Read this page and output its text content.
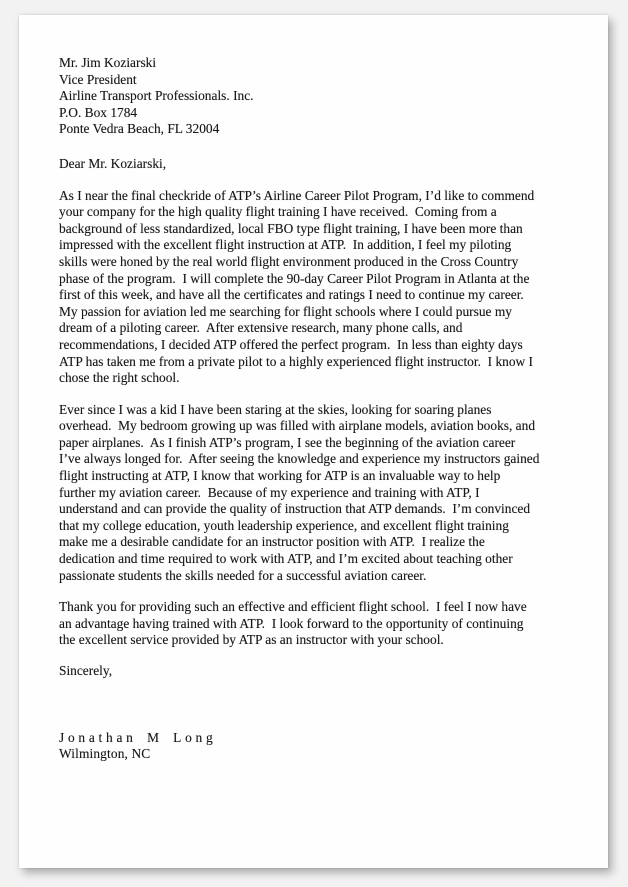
Mr. Jim Koziarski
Vice President
Airline Transport Professionals. Inc.
P.O. Box 1784
Ponte Vedra Beach, FL 32004
Dear Mr. Koziarski,
As I near the final checkride of ATP’s Airline Career Pilot Program, I’d like to commend
your company for the high quality flight training I have received.  Coming from a
background of less standardized, local FBO type flight training, I have been more than
impressed with the excellent flight instruction at ATP.  In addition, I feel my piloting
skills were honed by the real world flight environment produced in the Cross Country
phase of the program.  I will complete the 90-day Career Pilot Program in Atlanta at the
first of this week, and have all the certificates and ratings I need to continue my career.
My passion for aviation led me searching for flight schools where I could pursue my
dream of a piloting career.  After extensive research, many phone calls, and
recommendations, I decided ATP offered the perfect program.  In less than eighty days
ATP has taken me from a private pilot to a highly experienced flight instructor.  I know I
chose the right school.
Ever since I was a kid I have been staring at the skies, looking for soaring planes
overhead.  My bedroom growing up was filled with airplane models, aviation books, and
paper airplanes.  As I finish ATP’s program, I see the beginning of the aviation career
I’ve always longed for.  After seeing the knowledge and experience my instructors gained
flight instructing at ATP, I know that working for ATP is an invaluable way to help
further my aviation career.  Because of my experience and training with ATP, I
understand and can provide the quality of instruction that ATP demands.  I’m convinced
that my college education, youth leadership experience, and excellent flight training
make me a desirable candidate for an instructor position with ATP.  I realize the
dedication and time required to work with ATP, and I’m excited about teaching other
passionate students the skills needed for a successful aviation career.
Thank you for providing such an effective and efficient flight school.  I feel I now have
an advantage having trained with ATP.  I look forward to the opportunity of continuing
the excellent service provided by ATP as an instructor with your school.
Sincerely,
Jonathan M Long
Wilmington, NC
